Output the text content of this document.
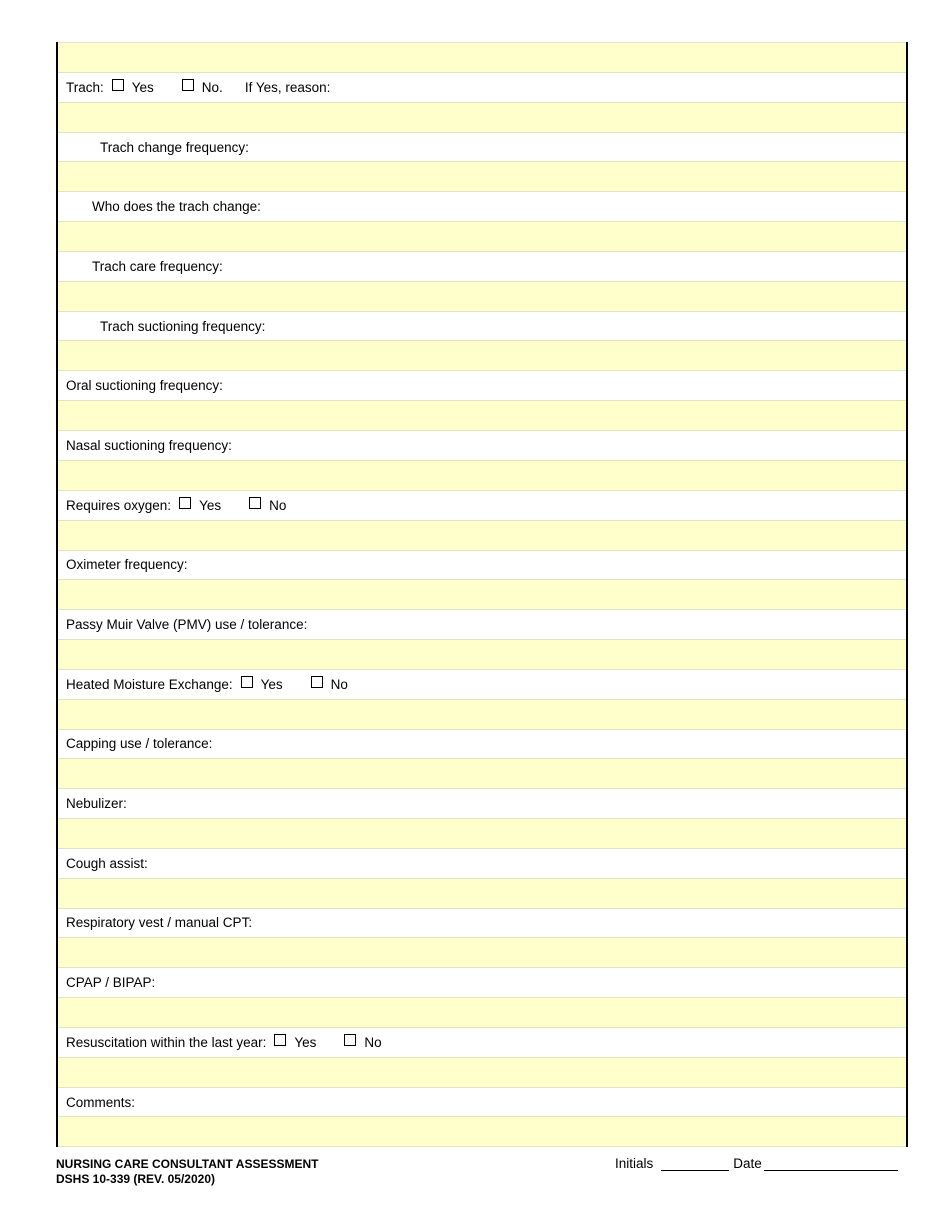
Trach: Yes	No. If Yes, reason:
Trach change frequency:
Who does the trach change:
Trach care frequency:
Trach suctioning frequency:
Oral suctioning frequency:
Nasal suctioning frequency:
Requires oxygen: Yes	No
Oximeter frequency:
Passy Muir Valve (PMV) use / tolerance:
Heated Moisture Exchange: Yes	No
Capping use / tolerance:
Nebulizer:
Cough assist:
Respiratory vest / manual CPT:
CPAP / BIPAP:
Resuscitation within the last year: Yes	No
Comments:
NURSING CARE CONSULTANT ASSESSMENT
DSHS 10-339 (REV. 05/2020)
Initials	Date
